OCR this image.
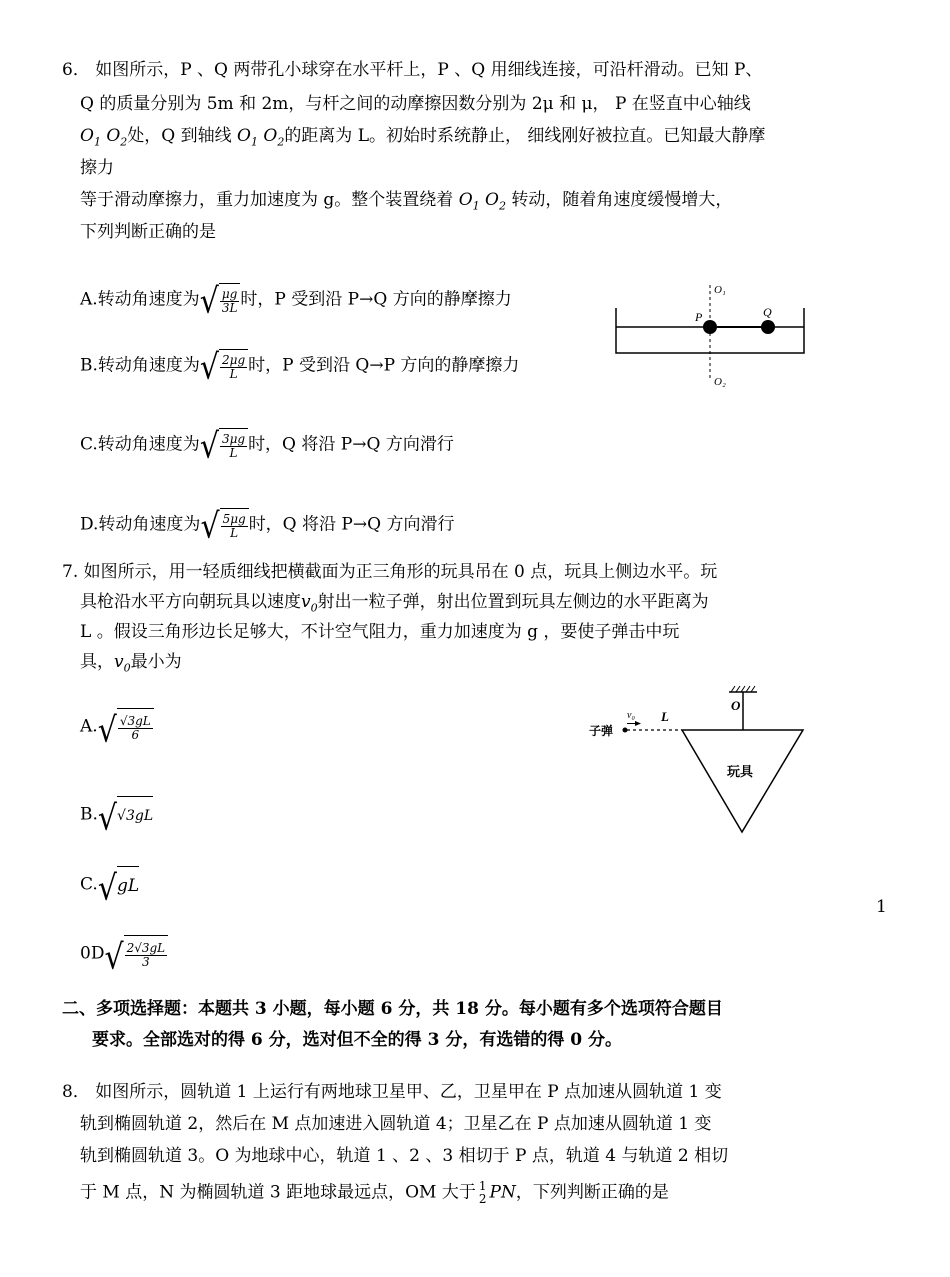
6． 如图所示，P 、Q 两带孔小球穿在水平杆上，P 、Q 用细线连接，可沿杆滑动。已知 P、
Q 的质量分别为 5m 和 2m，与杆之间的动摩擦因数分别为 2μ 和 μ， P 在竖直中心轴线
$O_1$ $O_2$处，Q 到轴线 $O_1$ $O_2$的距离为 L。初始时系统静止， 细线刚好被拉直。已知最大静摩
擦力
等于滑动摩擦力，重力加速度为 g。整个装置绕着 $O_1$ $O_2$ 转动，随着角速度缓慢增大，
下列判断正确的是
A.转动角速度为 √ $\frac{\mu g}{3L}$ 时，P 受到沿 P→Q 方向的静摩擦力
B.转动角速度为 √ $\frac{2\mu g}{L}$ 时，P 受到沿 Q→P 方向的静摩擦力
C.转动角速度为 √ $\frac{3\mu g}{L}$ 时，Q 将沿 P→Q 方向滑行
D.转动角速度为 √ $\frac{5\mu g}{L}$ 时，Q 将沿 P→Q 方向滑行
O₁
O₂
P	Q
7. 如图所示，用一轻质细线把横截面为正三角形的玩具吊在 0 点，玩具上侧边水平。玩
具枪沿水平方向朝玩具以速度$v_0$射出一粒子弹，射出位置到玩具左侧边的水平距离为
L 。假设三角形边长足够大，不计空气阻力，重力加速度为 g ，要使子弹击中玩
具，$v_0$最小为
A. √ $\frac{√3gL}{6}$
B. √ √3gL
C. √ gL
0D √ $\frac{2√3gL}{3}$
O
子弹
v₀ L
玩具
1
二、多项选择题：本题共 3 小题，每小题 6 分，共 18 分。每小题有多个选项符合题目
要求。全部选对的得 6 分，选对但不全的得 3 分，有选错的得 0 分。
8． 如图所示，圆轨道 1 上运行有两地球卫星甲、乙，卫星甲在 P 点加速从圆轨道 1 变
轨到椭圆轨道 2，然后在 M 点加速进入圆轨道 4；卫星乙在 P 点加速从圆轨道 1 变
轨到椭圆轨道 3。O 为地球中心，轨道 1 、2 、3 相切于 P 点，轨道 4 与轨道 2 相切
于 M 点，N 为椭圆轨道 3 距地球最远点，OM 大于 1
2 PN，下列判断正确的是
